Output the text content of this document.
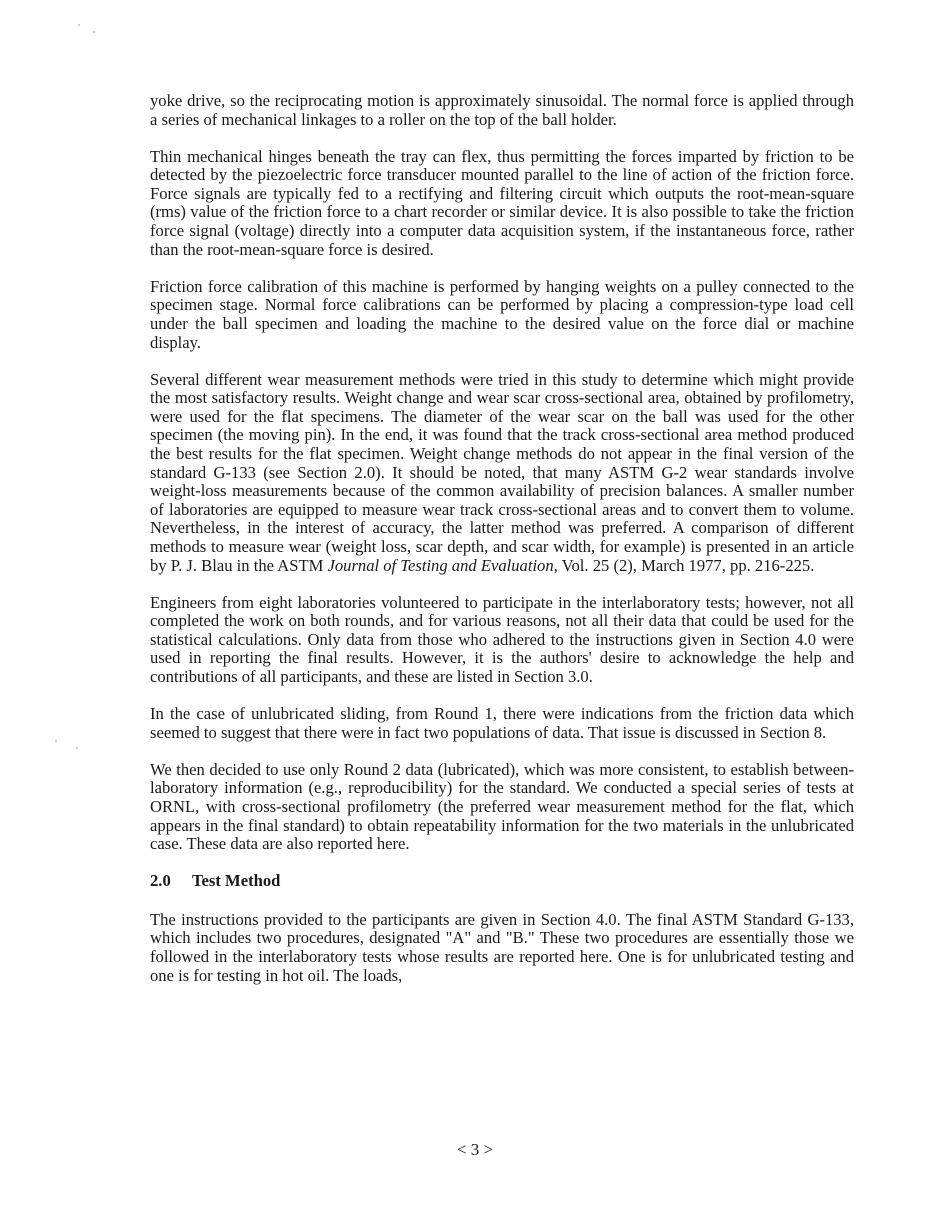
yoke drive, so the reciprocating motion is approximately sinusoidal. The normal force is applied through a series of mechanical linkages to a roller on the top of the ball holder.

Thin mechanical hinges beneath the tray can flex, thus permitting the forces imparted by friction to be detected by the piezoelectric force transducer mounted parallel to the line of action of the friction force. Force signals are typically fed to a rectifying and filtering circuit which outputs the root-mean-square (rms) value of the friction force to a chart recorder or similar device. It is also possible to take the friction force signal (voltage) directly into a computer data acquisition system, if the instantaneous force, rather than the root-mean-square force is desired.

Friction force calibration of this machine is performed by hanging weights on a pulley connected to the specimen stage. Normal force calibrations can be performed by placing a compression-type load cell under the ball specimen and loading the machine to the desired value on the force dial or machine display.

Several different wear measurement methods were tried in this study to determine which might provide the most satisfactory results. Weight change and wear scar cross-sectional area, obtained by profilometry, were used for the flat specimens. The diameter of the wear scar on the ball was used for the other specimen (the moving pin). In the end, it was found that the track cross-sectional area method produced the best results for the flat specimen. Weight change methods do not appear in the final version of the standard G-133 (see Section 2.0). It should be noted, that many ASTM G-2 wear standards involve weight-loss measurements because of the common availability of precision balances. A smaller number of laboratories are equipped to measure wear track cross-sectional areas and to convert them to volume. Nevertheless, in the interest of accuracy, the latter method was preferred. A comparison of different methods to measure wear (weight loss, scar depth, and scar width, for example) is presented in an article by P. J. Blau in the ASTM Journal of Testing and Evaluation, Vol. 25 (2), March 1977, pp. 216-225.

Engineers from eight laboratories volunteered to participate in the interlaboratory tests; however, not all completed the work on both rounds, and for various reasons, not all their data that could be used for the statistical calculations. Only data from those who adhered to the instructions given in Section 4.0 were used in reporting the final results. However, it is the authors' desire to acknowledge the help and contributions of all participants, and these are listed in Section 3.0.

In the case of unlubricated sliding, from Round 1, there were indications from the friction data which seemed to suggest that there were in fact two populations of data. That issue is discussed in Section 8.

We then decided to use only Round 2 data (lubricated), which was more consistent, to establish between-laboratory information (e.g., reproducibility) for the standard. We conducted a special series of tests at ORNL, with cross-sectional profilometry (the preferred wear measurement method for the flat, which appears in the final standard) to obtain repeatability information for the two materials in the unlubricated case. These data are also reported here.

2.0 Test Method

The instructions provided to the participants are given in Section 4.0. The final ASTM Standard G-133, which includes two procedures, designated "A" and "B." These two procedures are essentially those we followed in the interlaboratory tests whose results are reported here. One is for unlubricated testing and one is for testing in hot oil. The loads,

< 3 >
